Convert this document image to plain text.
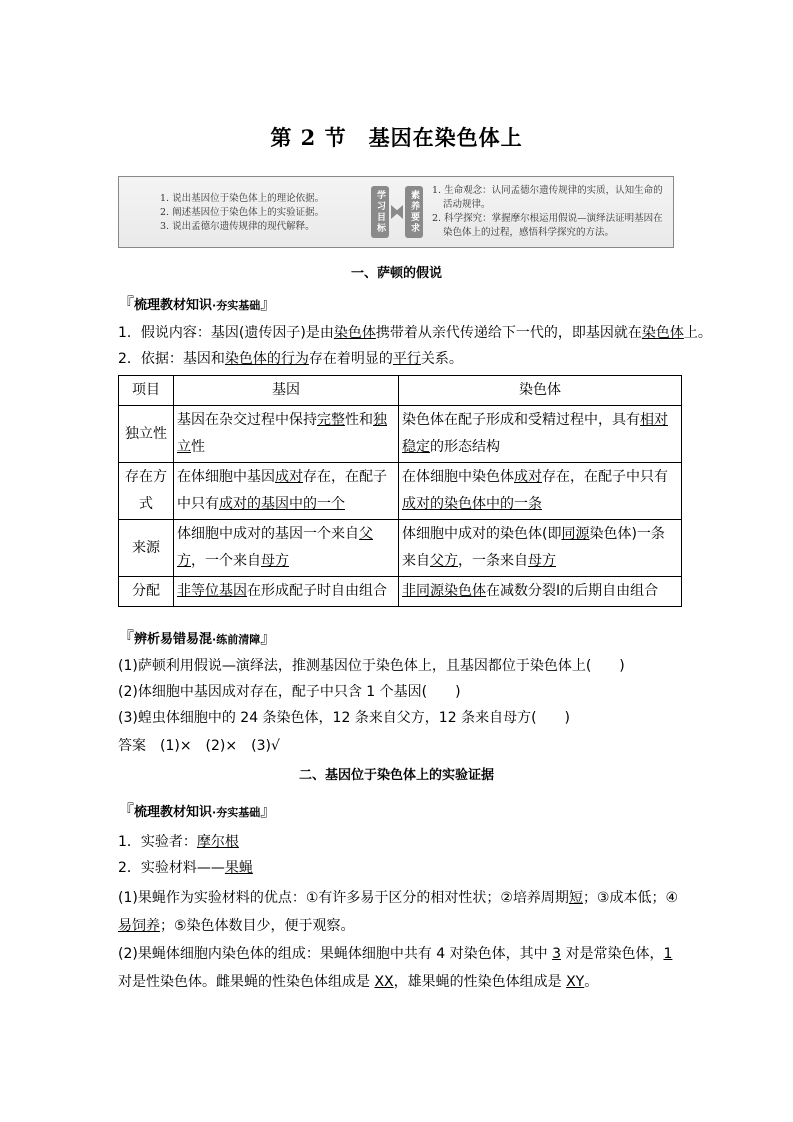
第 2 节　基因在染色体上
1. 说出基因位于染色体上的理论依据。
2. 阐述基因位于染色体上的实验证据。
3. 说出孟德尔遗传规律的现代解释。	学习目标	素养要求	1. 生命观念：认同孟德尔遗传规律的实质，认知生命的
活动规律。
2. 科学探究：掌握摩尔根运用假说—演绎法证明基因在
染色体上的过程，感悟科学探究的方法。
一、萨顿的假说
『梳理教材知识·夯实基础』
1．假说内容：基因(遗传因子)是由染色体携带着从亲代传递给下一代的，即基因就在染色体上。
2．依据：基因和染色体的行为存在着明显的平行关系。
项目	基因	染色体
独立性	基因在杂交过程中保持完整性和独立性	染色体在配子形成和受精过程中，具有相对稳定的形态结构
存在方式	在体细胞中基因成对存在，在配子中只有成对的基因中的一个	在体细胞中染色体成对存在，在配子中只有成对的染色体中的一条
来源	体细胞中成对的基因一个来自父方，一个来自母方	体细胞中成对的染色体(即同源染色体)一条来自父方，一条来自母方
分配	非等位基因在形成配子时自由组合	非同源染色体在减数分裂Ⅰ的后期自由组合
『辨析易错易混·练前清障』
(1)萨顿利用假说—演绎法，推测基因位于染色体上，且基因都位于染色体上(　　)
(2)体细胞中基因成对存在，配子中只含 1 个基因(　　)
(3)蝗虫体细胞中的 24 条染色体，12 条来自父方，12 条来自母方(　　)
答案　(1)×　(2)×　(3)√
二、基因位于染色体上的实验证据
『梳理教材知识·夯实基础』
1．实验者：摩尔根
2．实验材料——果蝇
(1)果蝇作为实验材料的优点：①有许多易于区分的相对性状；②培养周期短；③成本低；④易饲养；⑤染色体数目少，便于观察。
(2)果蝇体细胞内染色体的组成：果蝇体细胞中共有 4 对染色体，其中 3 对是常染色体，1 对是性染色体。雌果蝇的性染色体组成是 XX，雄果蝇的性染色体组成是 XY。
